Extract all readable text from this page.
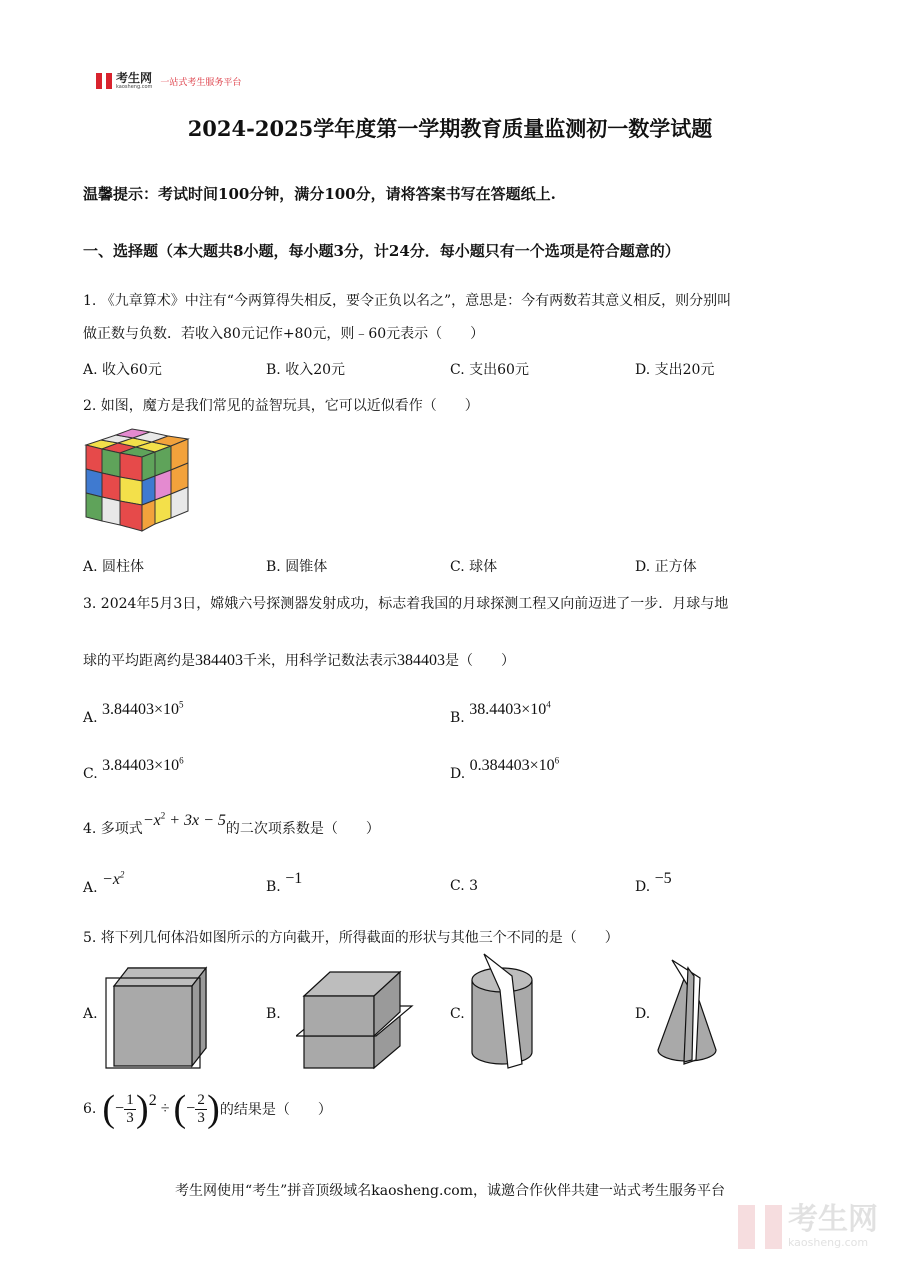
考生网
kaosheng.com 一站式考生服务平台
2024-2025学年度第一学期教育质量监测初一数学试题
温馨提示：考试时间100分钟，满分100分，请将答案书写在答题纸上.
一、选择题（本大题共8小题，每小题3分，计24分．每小题只有一个选项是符合题意的）
1. 《九章算术》中注有“今两算得失相反，要令正负以名之”，意思是：今有两数若其意义相反，则分别叫
做正数与负数．若收入80元记作+80元，则﹣60元表示（　　）
A. 收入60元	B. 收入20元	C. 支出60元	D. 支出20元
2. 如图，魔方是我们常见的益智玩具，它可以近似看作（　　）
A. 圆柱体	B. 圆锥体	C. 球体	D. 正方体
3. 2024年5月3日，嫦娥六号探测器发射成功，标志着我国的月球探测工程又向前迈进了一步．月球与地
球的平均距离约是384403千米，用科学记数法表示384403是（　　）
A. $3.84403\times 10^5$
B. $38.4403\times 10^4$
C. $3.84403\times 10^6$
D. $0.384403\times 10^6$
4. 多项式$-x^2 + 3x - 5$的二次项系数是（　　）
A. $-x^2$
B. −1	C. 3	D. −5
5. 将下列几何体沿如图所示的方向截开，所得截面的形状与其他三个不同的是（　　）
A.	B.	C.	D.
6. ( − $\frac{1}{3}$ ) 2 ÷ ( − $\frac{2}{3}$ ) 的结果是（　　）
考生网使用“考生”拼音顶级域名kaosheng.com，诚邀合作伙伴共建一站式考生服务平台
考生网
kaosheng.com
